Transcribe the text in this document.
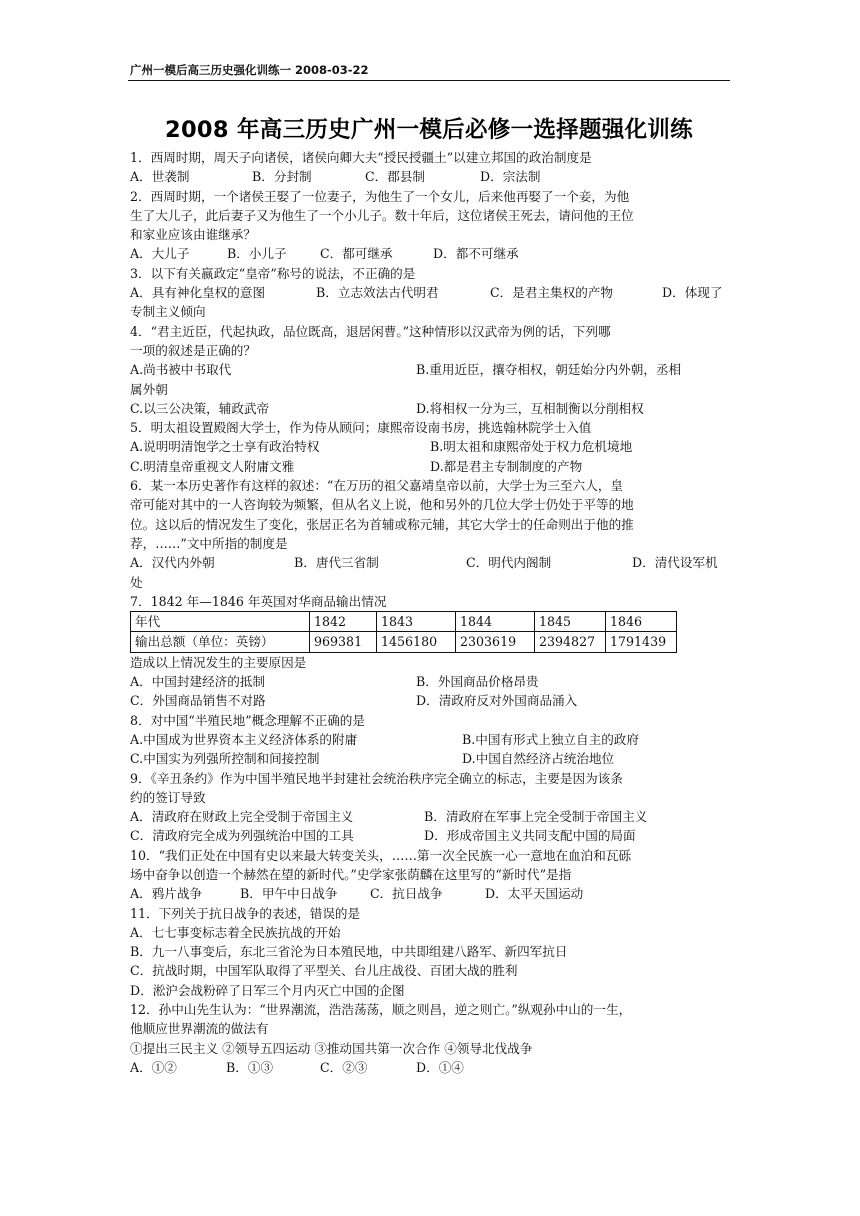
广州一模后高三历史强化训练一 2008-03-22
2008 年高三历史广州一模后必修一选择题强化训练
1．西周时期，周天子向诸侯，诸侯向卿大夫“授民授疆土”以建立邦国的政治制度是
A．世袭制	B．分封制	C．郡县制	D．宗法制
2．西周时期，一个诸侯王娶了一位妻子，为他生了一个女儿，后来他再娶了一个妾，为他
生了大儿子，此后妻子又为他生了一个小儿子。数十年后，这位诸侯王死去，请问他的王位
和家业应该由谁继承？
A．大儿子	B．小儿子	C．都可继承	D．都不可继承
3．以下有关嬴政定“皇帝”称号的说法，不正确的是
A．具有神化皇权的意图	B．立志效法古代明君	C．是君主集权的产物	D．体现了
专制主义倾向
4．“君主近臣，代起执政，品位既高，退居闲曹。”这种情形以汉武帝为例的话，下列哪
一项的叙述是正确的？
A.尚书被中书取代	B.重用近臣，攘夺相权，朝廷始分内外朝，丞相
属外朝
C.以三公决策，辅政武帝	D.将相权一分为三，互相制衡以分削相权
5．明太祖设置殿阁大学士，作为侍从顾问；康熙帝设南书房，挑选翰林院学士入值
A.说明明清饱学之士享有政治特权	B.明太祖和康熙帝处于权力危机境地
C.明清皇帝重视文人附庸文雅	D.都是君主专制制度的产物
6．某一本历史著作有这样的叙述：“在万历的祖父嘉靖皇帝以前，大学士为三至六人，皇
帝可能对其中的一人咨询较为频繁，但从名义上说，他和另外的几位大学士仍处于平等的地
位。这以后的情况发生了变化，张居正名为首辅或称元辅，其它大学士的任命则出于他的推
荐，……”文中所指的制度是
A．汉代内外朝	B．唐代三省制	C．明代内阁制	D．清代设军机
处
7．1842 年—1846 年英国对华商品输出情况
年代	1842	1843	1844	1845	1846
输出总额（单位：英镑）	969381	1456180	2303619	2394827	1791439
造成以上情况发生的主要原因是
A．中国封建经济的抵制	B．外国商品价格昂贵
C．外国商品销售不对路	D．清政府反对外国商品涌入
8．对中国“半殖民地”概念理解不正确的是
A.中国成为世界资本主义经济体系的附庸	B.中国有形式上独立自主的政府
C.中国实为列强所控制和间接控制	D.中国自然经济占统治地位
9．《辛丑条约》作为中国半殖民地半封建社会统治秩序完全确立的标志，主要是因为该条
约的签订导致
A．清政府在财政上完全受制于帝国主义	B．清政府在军事上完全受制于帝国主义
C．清政府完全成为列强统治中国的工具	D．形成帝国主义共同支配中国的局面
10．“我们正处在中国有史以来最大转变关头，……第一次全民族一心一意地在血泊和瓦砾
场中奋争以创造一个赫然在望的新时代。”史学家张荫麟在这里写的“新时代”是指
A．鸦片战争	B．甲午中日战争	C．抗日战争	D．太平天国运动
11．下列关于抗日战争的表述，错误的是
A．七七事变标志着全民族抗战的开始
B．九一八事变后，东北三省沦为日本殖民地，中共即组建八路军、新四军抗日
C．抗战时期，中国军队取得了平型关、台儿庄战役、百团大战的胜利
D．淞沪会战粉碎了日军三个月内灭亡中国的企图
12．孙中山先生认为：“世界潮流，浩浩荡荡，顺之则昌，逆之则亡。”纵观孙中山的一生，
他顺应世界潮流的做法有
①提出三民主义 ②领导五四运动 ③推动国共第一次合作 ④领导北伐战争
A．①②	B．①③	C．②③	D．①④
